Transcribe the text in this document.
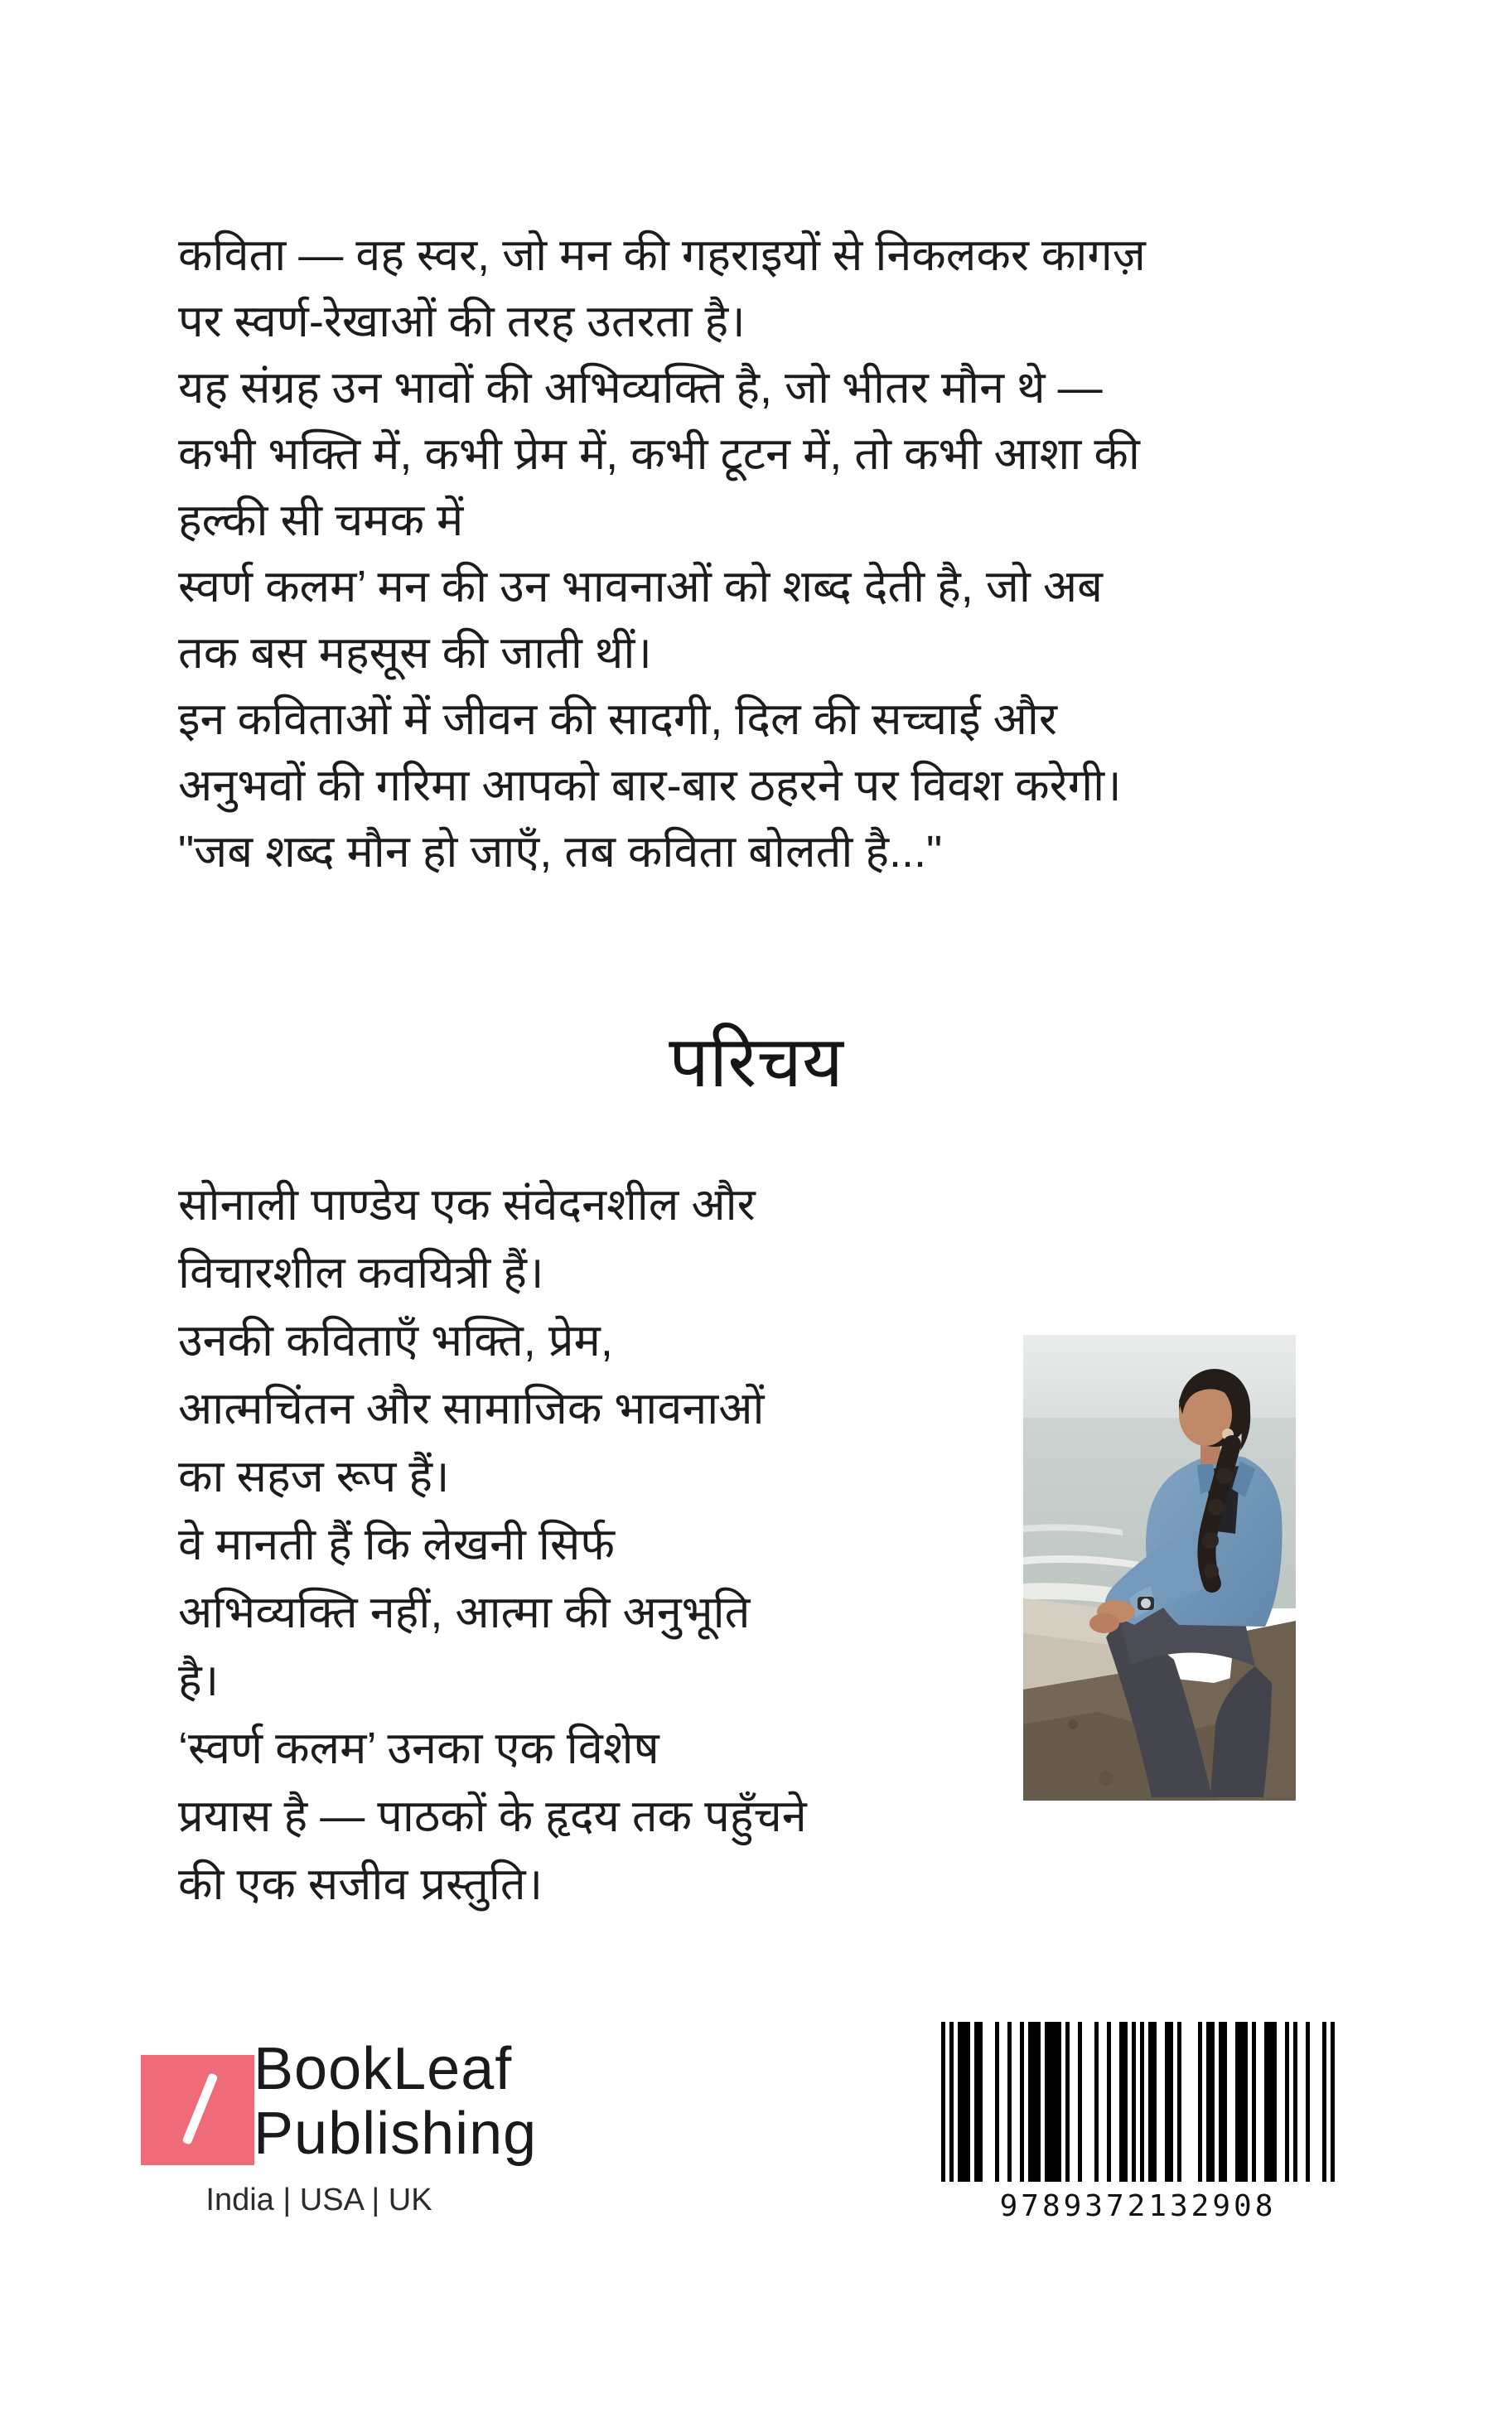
कविता — वह स्वर, जो मन की गहराइयों से निकलकर कागज़
पर स्वर्ण-रेखाओं की तरह उतरता है।
यह संग्रह उन भावों की अभिव्यक्ति है, जो भीतर मौन थे —
कभी भक्ति में, कभी प्रेम में, कभी टूटन में, तो कभी आशा की
हल्की सी चमक में
स्वर्ण कलम’ मन की उन भावनाओं को शब्द देती है, जो अब
तक बस महसूस की जाती थीं।
इन कविताओं में जीवन की सादगी, दिल की सच्चाई और
अनुभवों की गरिमा आपको बार-बार ठहरने पर विवश करेगी।
"जब शब्द मौन हो जाएँ, तब कविता बोलती है..."
परिचय
सोनाली पाण्डेय एक संवेदनशील और
विचारशील कवयित्री हैं।
उनकी कविताएँ भक्ति, प्रेम,
आत्मचिंतन और सामाजिक भावनाओं
का सहज रूप हैं।
वे मानती हैं कि लेखनी सिर्फ
अभिव्यक्ति नहीं, आत्मा की अनुभूति
है।
‘स्वर्ण कलम’ उनका एक विशेष
प्रयास है — पाठकों के हृदय तक पहुँचने
की एक सजीव प्रस्तुति।
BookLeaf
Publishing
India | USA | UK	9789372132908
